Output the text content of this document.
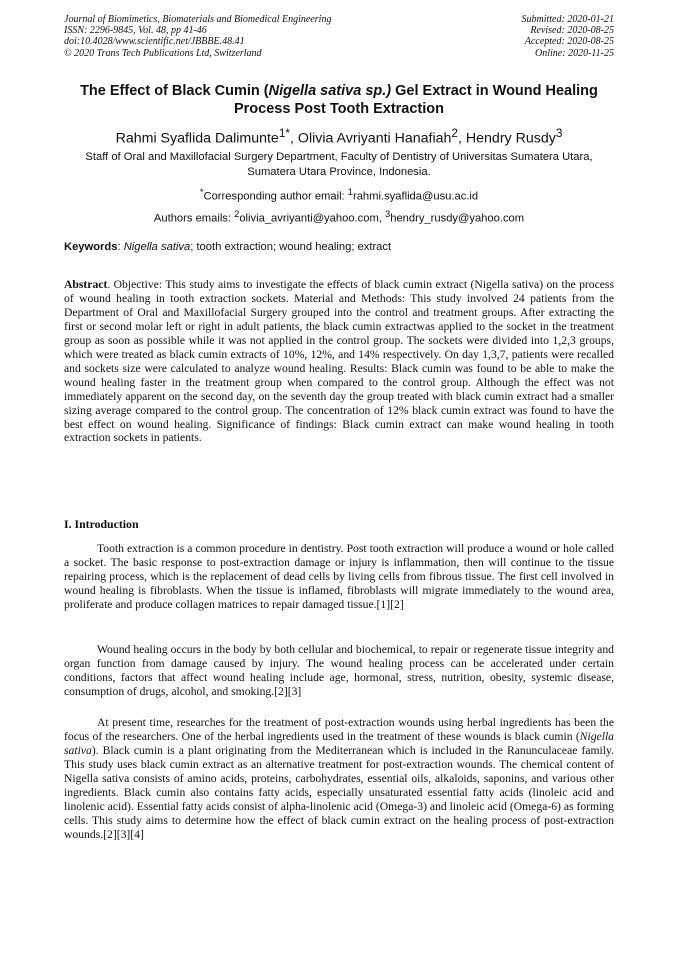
Journal of Biomimetics, Biomaterials and Biomedical Engineering
ISSN: 2296-9845, Vol. 48, pp 41-46
doi:10.4028/www.scientific.net/JBBBE.48.41
© 2020 Trans Tech Publications Ltd, Switzerland
Submitted: 2020-01-21
Revised: 2020-08-25
Accepted: 2020-08-25
Online: 2020-11-25
The Effect of Black Cumin (Nigella sativa sp.) Gel Extract in Wound Healing Process Post Tooth Extraction
Rahmi Syaflida Dalimunte$^{1*}$, Olivia Avriyanti Hanafiah$^2$, Hendry Rusdy$^3$
Staff of Oral and Maxillofacial Surgery Department, Faculty of Dentistry of Universitas Sumatera Utara, Sumatera Utara Province, Indonesia.
*Corresponding author email: $^1$rahmi.syaflida@usu.ac.id
Authors emails: $^2$olivia_avriyanti@yahoo.com, $^3$hendry_rusdy@yahoo.com
Keywords: Nigella sativa; tooth extraction; wound healing; extract
Abstract. Objective: This study aims to investigate the effects of black cumin extract (Nigella sativa) on the process of wound healing in tooth extraction sockets. Material and Methods: This study involved 24 patients from the Department of Oral and Maxillofacial Surgery grouped into the control and treatment groups. After extracting the first or second molar left or right in adult patients, the black cumin extractwas applied to the socket in the treatment group as soon as possible while it was not applied in the control group. The sockets were divided into 1,2,3 groups, which were treated as black cumin extracts of 10%, 12%, and 14% respectively. On day 1,3,7, patients were recalled and sockets size were calculated to analyze wound healing. Results: Black cumin was found to be able to make the wound healing faster in the treatment group when compared to the control group. Although the effect was not immediately apparent on the second day, on the seventh day the group treated with black cumin extract had a smaller sizing average compared to the control group. The concentration of 12% black cumin extract was found to have the best effect on wound healing. Significance of findings: Black cumin extract can make wound healing in tooth extraction sockets in patients.
I. Introduction
Tooth extraction is a common procedure in dentistry. Post tooth extraction will produce a wound or hole called a socket. The basic response to post-extraction damage or injury is inflammation, then will continue to the tissue repairing process, which is the replacement of dead cells by living cells from fibrous tissue. The first cell involved in wound healing is fibroblasts. When the tissue is inflamed, fibroblasts will migrate immediately to the wound area, proliferate and produce collagen matrices to repair damaged tissue.[1][2]
Wound healing occurs in the body by both cellular and biochemical, to repair or regenerate tissue integrity and organ function from damage caused by injury. The wound healing process can be accelerated under certain conditions, factors that affect wound healing include age, hormonal, stress, nutrition, obesity, systemic disease, consumption of drugs, alcohol, and smoking.[2][3]
At present time, researches for the treatment of post-extraction wounds using herbal ingredients has been the focus of the researchers. One of the herbal ingredients used in the treatment of these wounds is black cumin (Nigella sativa). Black cumin is a plant originating from the Mediterranean which is included in the Ranunculaceae family. This study uses black cumin extract as an alternative treatment for post-extraction wounds. The chemical content of Nigella sativa consists of amino acids, proteins, carbohydrates, essential oils, alkaloids, saponins, and various other ingredients. Black cumin also contains fatty acids, especially unsaturated essential fatty acids (linoleic acid and linolenic acid). Essential fatty acids consist of alpha-linolenic acid (Omega-3) and linoleic acid (Omega-6) as forming cells. This study aims to determine how the effect of black cumin extract on the healing process of post-extraction wounds.[2][3][4]
